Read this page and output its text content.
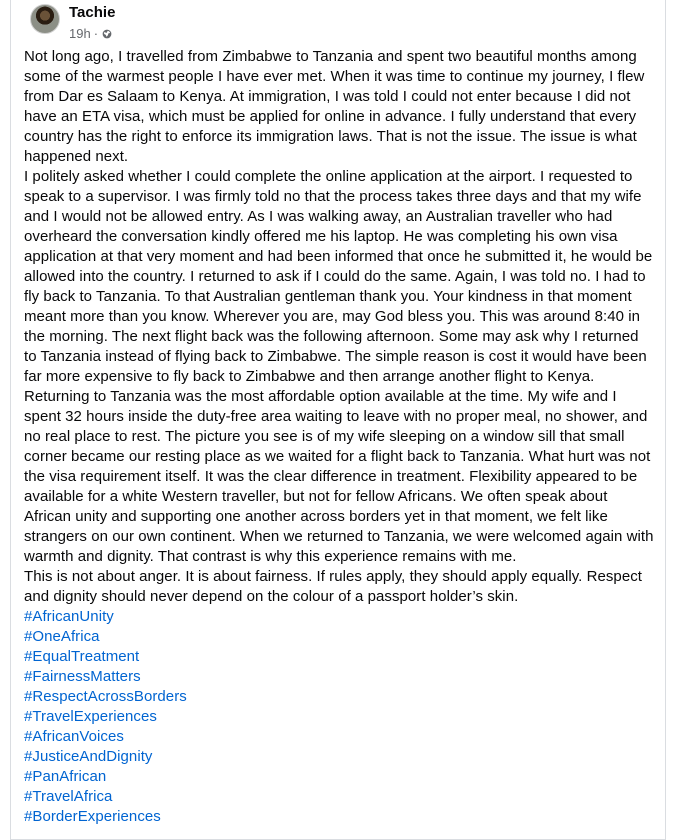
Tachie
19h ·

Not long ago, I travelled from Zimbabwe to Tanzania and spent two beautiful months among some of the warmest people I have ever met. When it was time to continue my journey, I flew from Dar es Salaam to Kenya. At immigration, I was told I could not enter because I did not have an ETA visa, which must be applied for online in advance. I fully understand that every country has the right to enforce its immigration laws. That is not the issue. The issue is what happened next.

I politely asked whether I could complete the online application at the airport. I requested to speak to a supervisor. I was firmly told no that the process takes three days and that my wife and I would not be allowed entry. As I was walking away, an Australian traveller who had overheard the conversation kindly offered me his laptop. He was completing his own visa application at that very moment and had been informed that once he submitted it, he would be allowed into the country. I returned to ask if I could do the same. Again, I was told no. I had to fly back to Tanzania. To that Australian gentleman thank you. Your kindness in that moment meant more than you know. Wherever you are, may God bless you. This was around 8:40 in the morning. The next flight back was the following afternoon. Some may ask why I returned to Tanzania instead of flying back to Zimbabwe. The simple reason is cost it would have been far more expensive to fly back to Zimbabwe and then arrange another flight to Kenya. Returning to Tanzania was the most affordable option available at the time. My wife and I spent 32 hours inside the duty-free area waiting to leave with no proper meal, no shower, and no real place to rest. The picture you see is of my wife sleeping on a window sill that small corner became our resting place as we waited for a flight back to Tanzania. What hurt was not the visa requirement itself. It was the clear difference in treatment. Flexibility appeared to be available for a white Western traveller, but not for fellow Africans. We often speak about African unity and supporting one another across borders yet in that moment, we felt like strangers on our own continent. When we returned to Tanzania, we were welcomed again with warmth and dignity. That contrast is why this experience remains with me.

This is not about anger. It is about fairness. If rules apply, they should apply equally. Respect and dignity should never depend on the colour of a passport holder’s skin.

#AfricanUnity
#OneAfrica
#EqualTreatment
#FairnessMatters
#RespectAcrossBorders
#TravelExperiences
#AfricanVoices
#JusticeAndDignity
#PanAfrican
#TravelAfrica
#BorderExperiences
